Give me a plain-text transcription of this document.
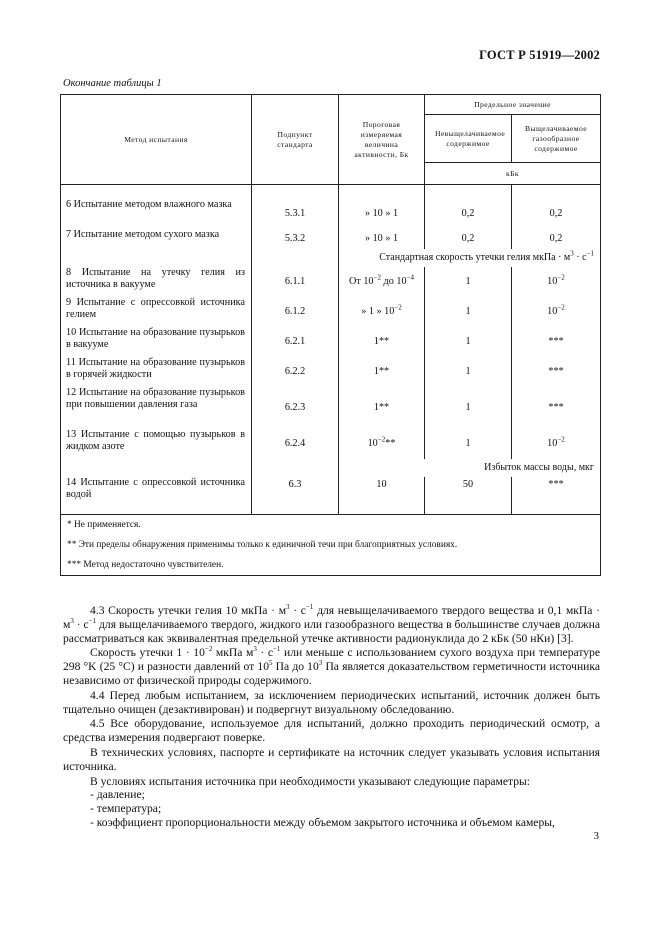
ГОСТ Р 51919—2002
Окончание таблицы 1
Метод испытания	Подпункт стандарта	Пороговая измеряемая величина активности, Бк	Предельное значение	
			Невыщелачиваемое содержимое	Выщелачиваемое газообразное содержимое
			кБк	

6 Испытание методом влажного мазка	5.3.1	» 10 » 1	0,2	0,2
7 Испытание методом сухого мазка	5.3.2	» 10 » 1	0,2	0,2
		Стандартная скорость утечки гелия мкПа · $м^3 \cdot с^{-1}$
8 Испытание на утечку гелия из источника в вакууме	6.1.1	От $10^{-2}$ до $10^{-4}$	1	$10^{-2}$
9 Испытание с опрессовкой источника гелием	6.1.2	» 1 » $10^{-2}$	1	$10^{-2}$
10 Испытание на образование пузырьков в вакууме	6.2.1	1**	1	***
11 Испытание на образование пузырьков в горячей жидкости	6.2.2	1**	1	***
12 Испытание на образование пузырьков при повышении давления газа	6.2.3	1**	1	***
13 Испытание с помощью пузырьков в жидком азоте	6.2.4	$10^{-2}**$	1	$10^{-2}$
		Избыток массы воды, мкг		
14 Испытание с опрессовкой источника водой	6.3	10	50	***
* Не применяется.				
** Эти пределы обнаружения применимы только к единичной течи при благоприятных условиях.				
*** Метод недостаточно чувствителен.				

4.3 Скорость утечки гелия 10 мкПа · $м^3 \cdot с^{-1}$ для невыщелачиваемого твердого вещества и 0,1 мкПа · $м^3 \cdot с^{-1}$ для выщелачиваемого твердого, жидкого или газообразного вещества в большинстве случаев должна рассматриваться как эквивалентная предельной утечке активности радионуклида до 2 кБк (50 нКи) [3].

Скорость утечки $1 \cdot 10^{-2}$ мкПа $м^3 \cdot с^{-1}$ или меньше с использованием сухого воздуха при температуре 298 °K (25 °C) и разности давлений от $10^5$ Па до $10^3$ Па является доказательством герметичности источника независимо от физической природы содержимого.

4.4 Перед любым испытанием, за исключением периодических испытаний, источник должен быть тщательно очищен (дезактивирован) и подвергнут визуальному обследованию.

4.5 Все оборудование, используемое для испытаний, должно проходить периодический осмотр, а средства измерения подвергают поверке.

В технических условиях, паспорте и сертификате на источник следует указывать условия испытания источника.

В условиях испытания источника при необходимости указывают следующие параметры:

- давление;

- температура;

- коэффициент пропорциональности между объемом закрытого источника и объемом камеры,

3
